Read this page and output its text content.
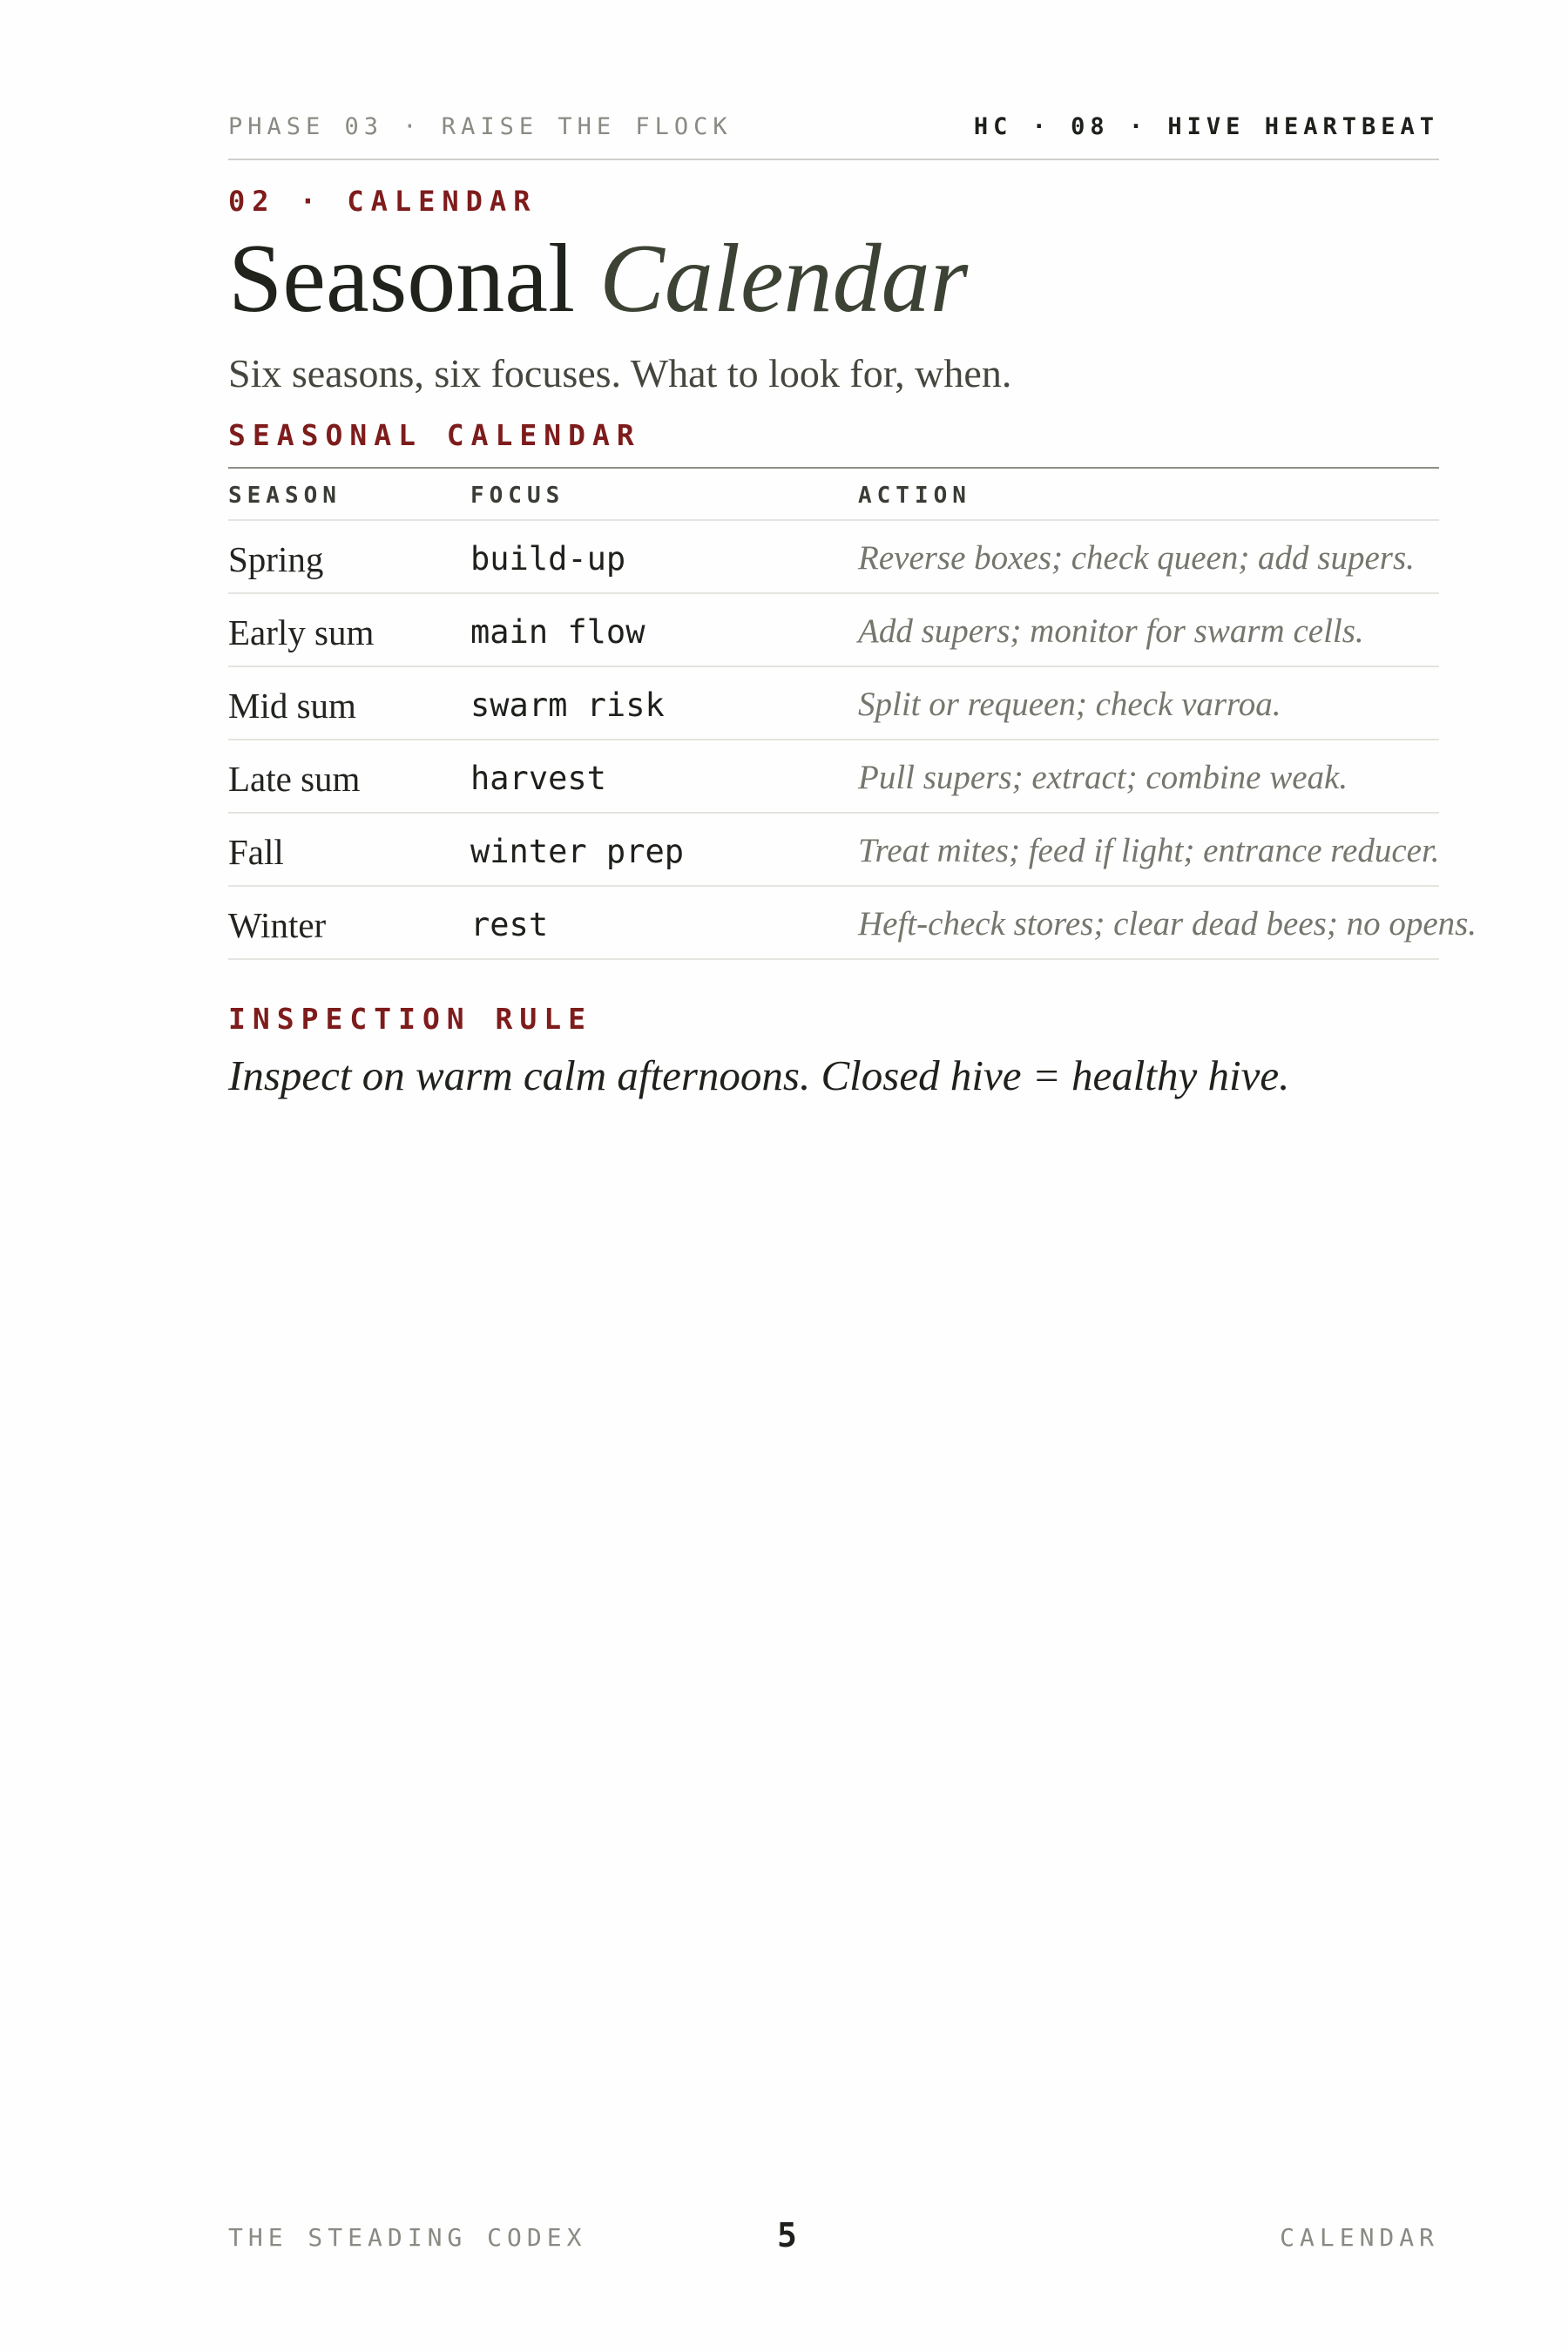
PHASE 03 · RAISE THE FLOCK	HC · 08 · HIVE HEARTBEAT
02 · CALENDAR
Seasonal Calendar
Six seasons, six focuses. What to look for, when.
SEASONAL CALENDAR
SEASON	FOCUS	ACTION
Spring	build-up	Reverse boxes; check queen; add supers.
Early sum	main flow	Add supers; monitor for swarm cells.
Mid sum	swarm risk	Split or requeen; check varroa.
Late sum	harvest	Pull supers; extract; combine weak.
Fall	winter prep	Treat mites; feed if light; entrance reducer.
Winter	rest	Heft-check stores; clear dead bees; no opens.
INSPECTION RULE
Inspect on warm calm afternoons. Closed hive = healthy hive.
THE STEADING CODEX	5	CALENDAR
